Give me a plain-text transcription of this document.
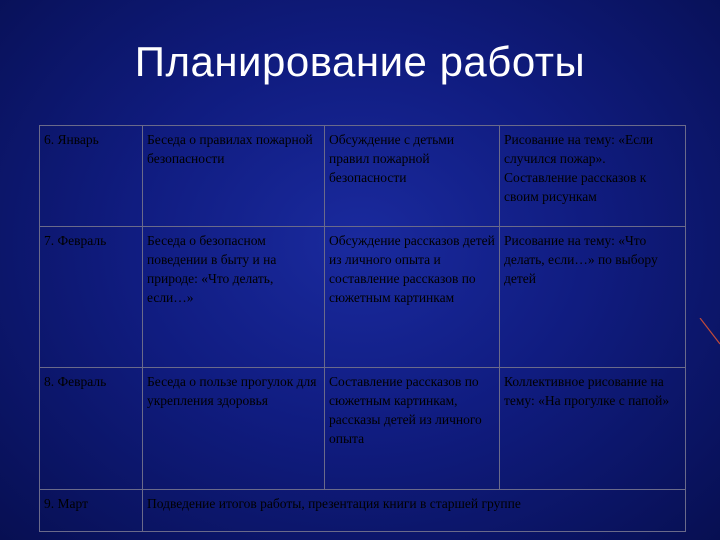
Планирование работы
6. Январь	Беседа о правилах пожарной безопасности	Обсуждение с детьми правил пожарной безопасности	Рисование на тему: «Если случился пожар». Составление рассказов к своим рисункам
7. Февраль	Беседа о безопасном поведении в быту и на природе: «Что делать, если…»	Обсуждение рассказов детей из личного опыта и составление рассказов по сюжетным картинкам	Рисование на тему: «Что делать, если…» по выбору детей
8. Февраль	Беседа о пользе прогулок для укрепления здоровья	Составление рассказов по сюжетным картинкам, рассказы детей из личного опыта	Коллективное рисование на тему: «На прогулке с папой»
9. Март	Подведение итогов работы, презентация книги в старшей группе		
